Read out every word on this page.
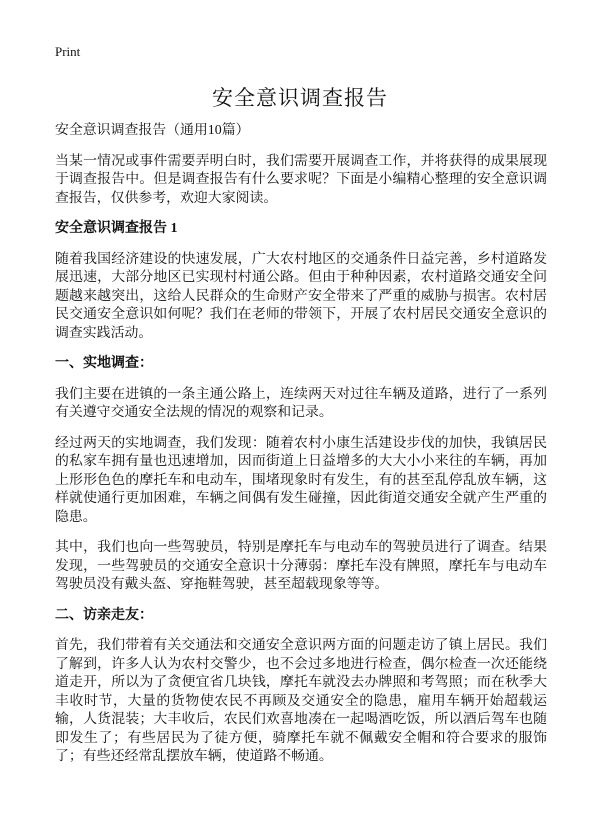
Print
安全意识调查报告

安全意识调查报告（通用10篇）

当某一情况或事件需要弄明白时，我们需要开展调查工作，并将获得的成果展现于调查报告中。但是调查报告有什么要求呢？下面是小编精心整理的安全意识调查报告，仅供参考，欢迎大家阅读。

安全意识调查报告 1

随着我国经济建设的快速发展，广大农村地区的交通条件日益完善，乡村道路发展迅速，大部分地区已实现村村通公路。但由于种种因素，农村道路交通安全问题越来越突出，这给人民群众的生命财产安全带来了严重的威胁与损害。农村居民交通安全意识如何呢？我们在老师的带领下，开展了农村居民交通安全意识的调查实践活动。

一、实地调查：

我们主要在进镇的一条主通公路上，连续两天对过往车辆及道路，进行了一系列有关遵守交通安全法规的情况的观察和记录。

经过两天的实地调查，我们发现：随着农村小康生活建设步伐的加快，我镇居民的私家车拥有量也迅速增加，因而街道上日益增多的大大小小来往的车辆，再加上形形色色的摩托车和电动车，围堵现象时有发生，有的甚至乱停乱放车辆，这样就使通行更加困难，车辆之间偶有发生碰撞，因此街道交通安全就产生严重的隐患。

其中，我们也向一些驾驶员，特别是摩托车与电动车的驾驶员进行了调查。结果发现，一些驾驶员的交通安全意识十分薄弱：摩托车没有牌照，摩托车与电动车驾驶员没有戴头盔、穿拖鞋驾驶，甚至超载现象等等。

二、访亲走友：

首先，我们带着有关交通法和交通安全意识两方面的问题走访了镇上居民。我们了解到，许多人认为农村交警少，也不会过多地进行检查，偶尔检查一次还能绕道走开，所以为了贪便宜省几块钱，摩托车就没去办牌照和考驾照；而在秋季大丰收时节，大量的货物使农民不再顾及交通安全的隐患，雇用车辆开始超载运输，人货混装；大丰收后，农民们欢喜地凑在一起喝酒吃饭，所以酒后驾车也随即发生了；有些居民为了徒方便，骑摩托车就不佩戴安全帽和符合要求的服饰了；有些还经常乱摆放车辆，使道路不畅通。
